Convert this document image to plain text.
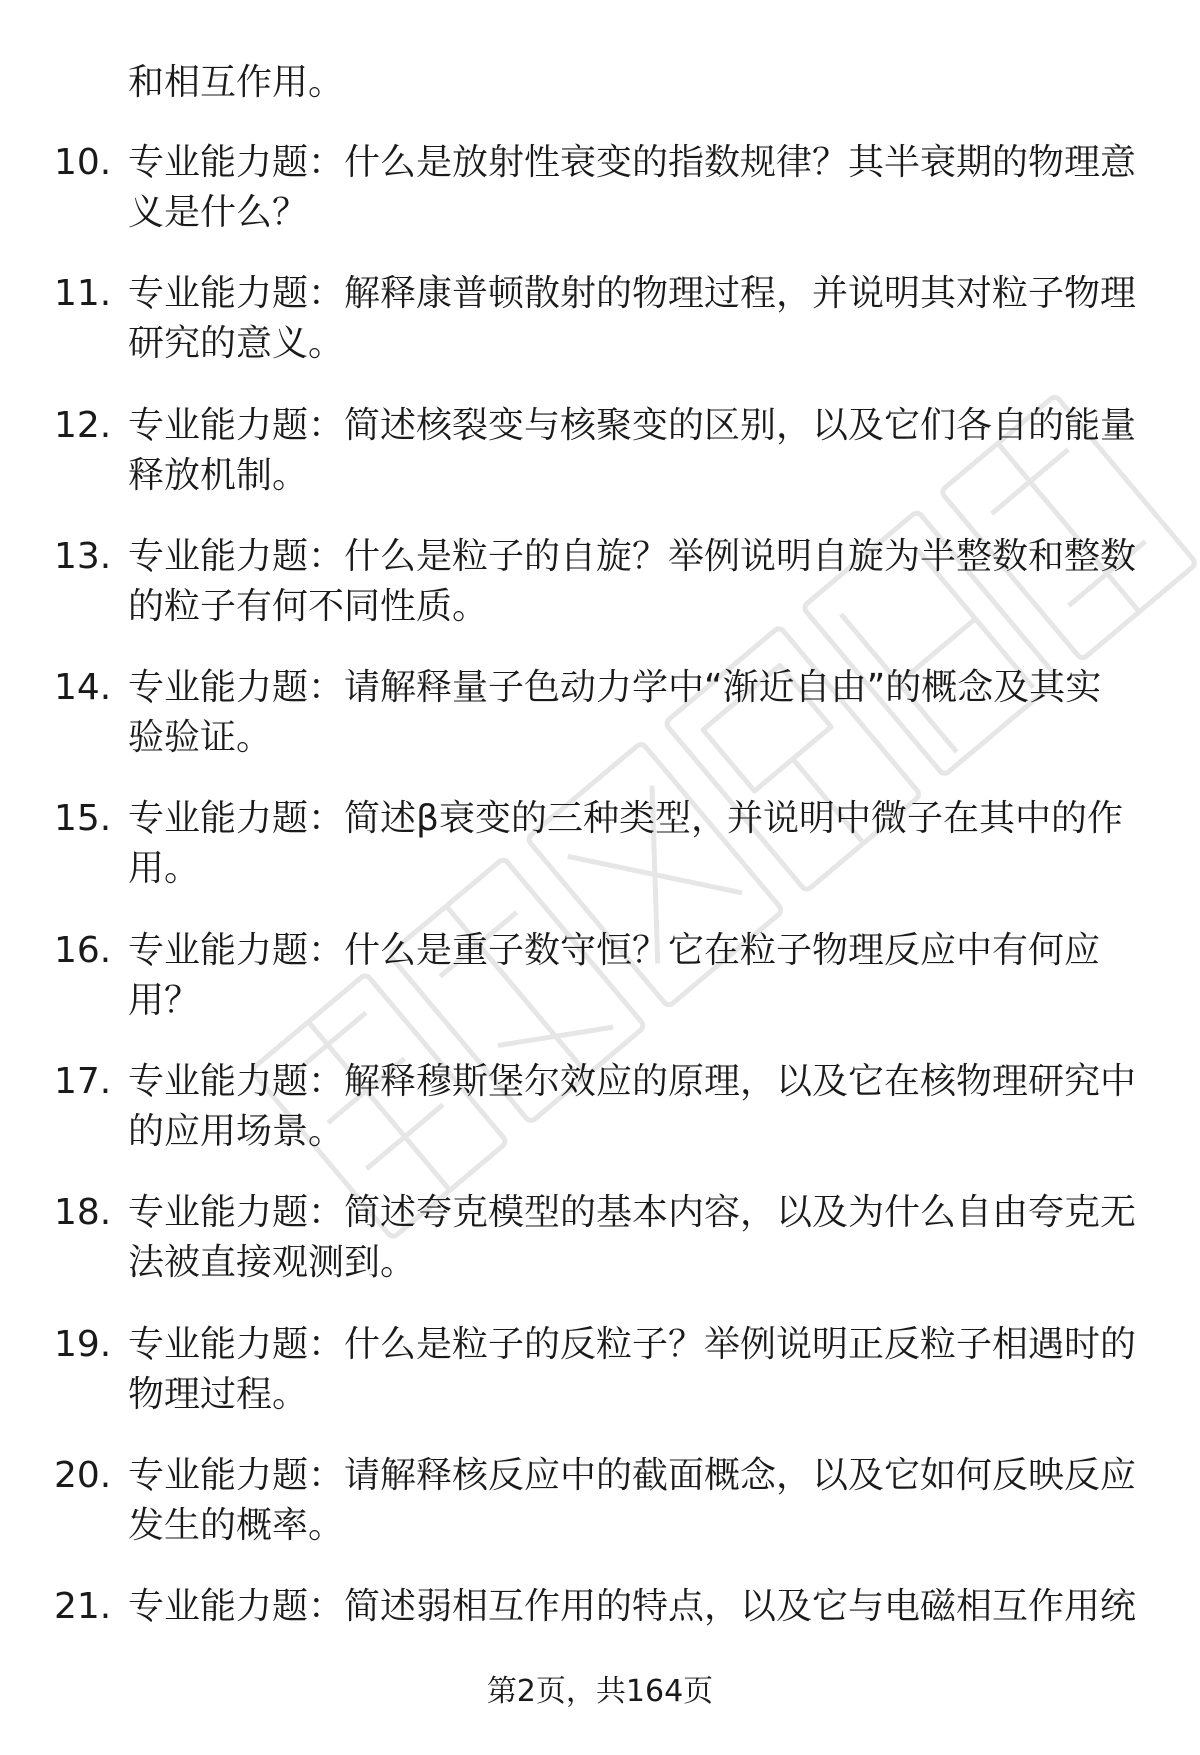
和相互作用。
10. 专业能力题：什么是放射性衰变的指数规律？其半衰期的物理意
义是什么？
11. 专业能力题：解释康普顿散射的物理过程，并说明其对粒子物理
研究的意义。
12. 专业能力题：简述核裂变与核聚变的区别，以及它们各自的能量
释放机制。
13. 专业能力题：什么是粒子的自旋？举例说明自旋为半整数和整数
的粒子有何不同性质。
14. 专业能力题：请解释量子色动力学中“渐近自由”的概念及其实
验验证。
15. 专业能力题：简述β衰变的三种类型，并说明中微子在其中的作
用。
16. 专业能力题：什么是重子数守恒？它在粒子物理反应中有何应
用？
17. 专业能力题：解释穆斯堡尔效应的原理，以及它在核物理研究中
的应用场景。
18. 专业能力题：简述夸克模型的基本内容，以及为什么自由夸克无
法被直接观测到。
19. 专业能力题：什么是粒子的反粒子？举例说明正反粒子相遇时的
物理过程。
20. 专业能力题：请解释核反应中的截面概念，以及它如何反映反应
发生的概率。
21. 专业能力题：简述弱相互作用的特点，以及它与电磁相互作用统
第2页，共164页
